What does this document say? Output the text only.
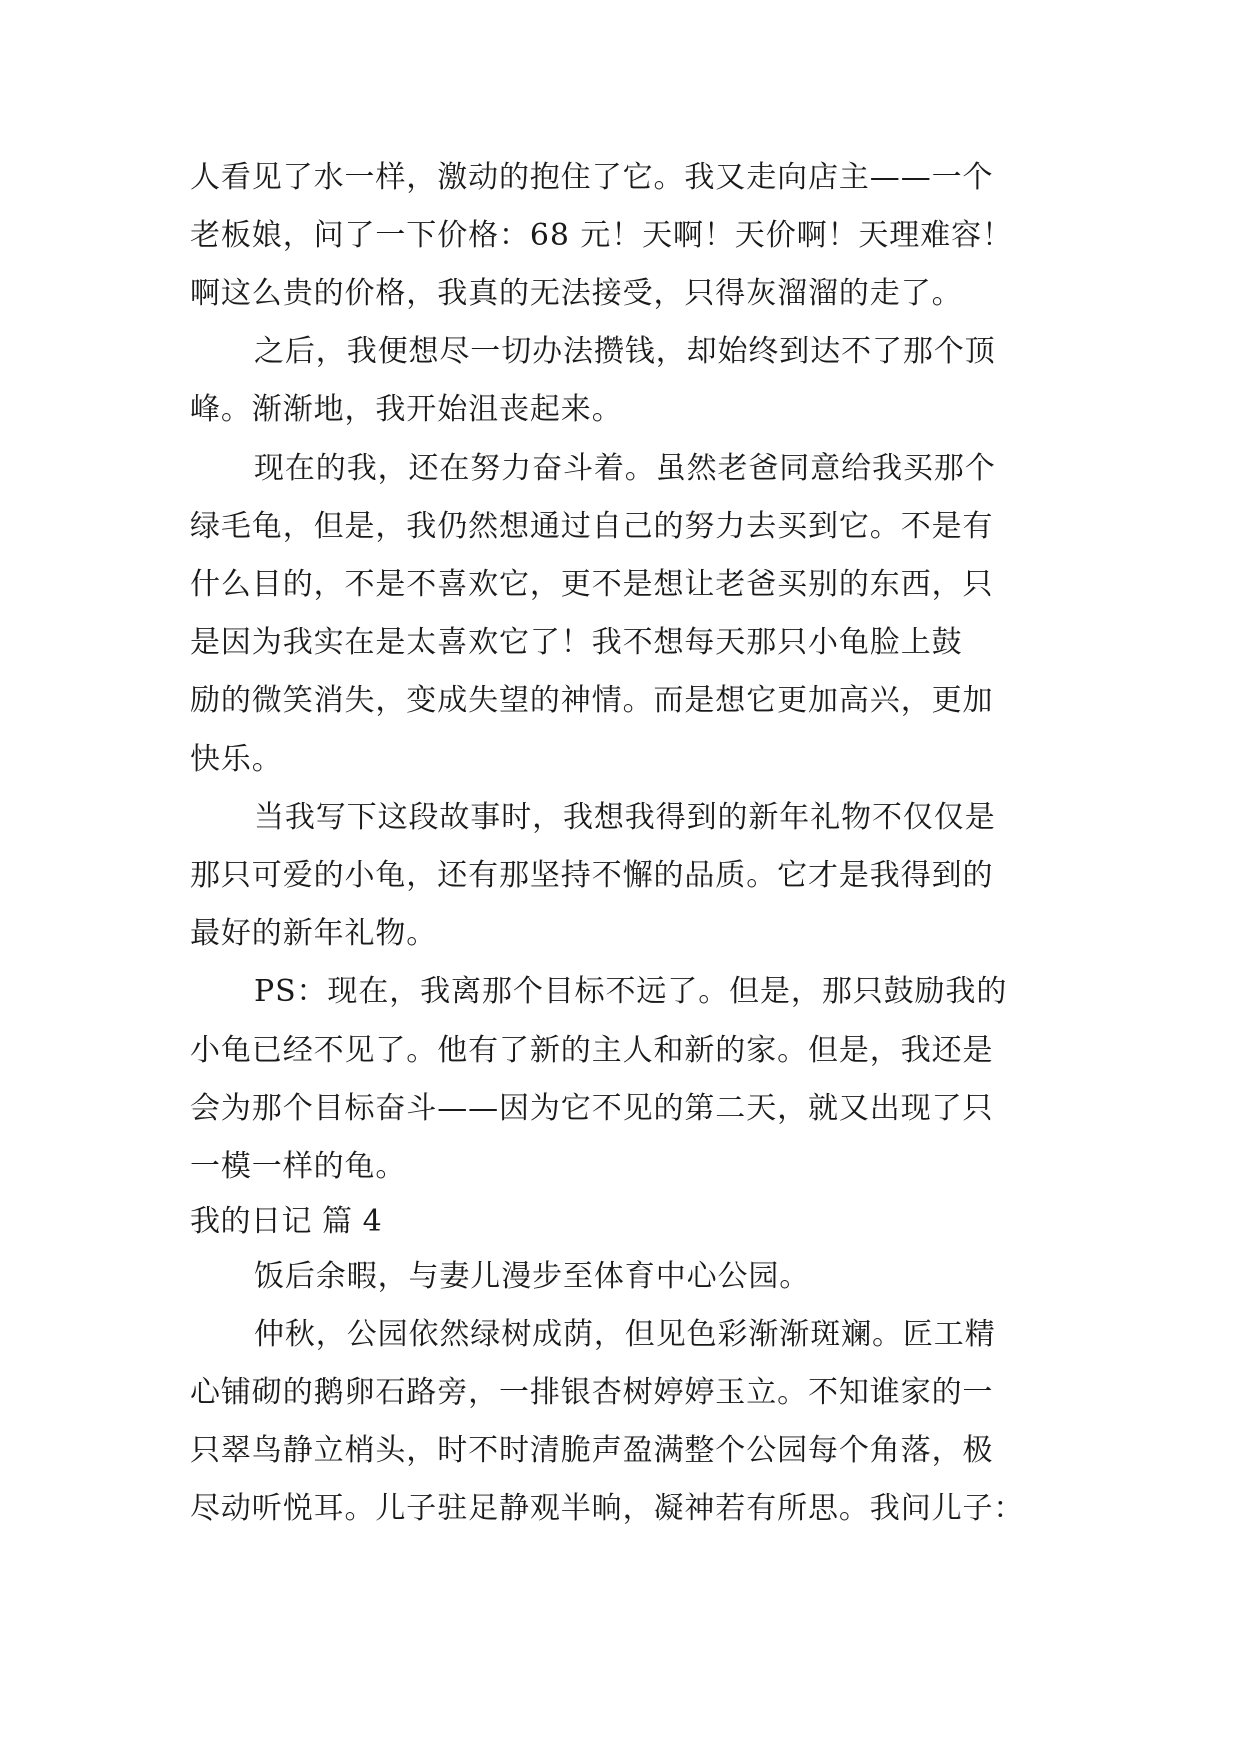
人看见了水一样，激动的抱住了它。我又走向店主——一个
老板娘，问了一下价格：68 元！天啊！天价啊！天理难容！
啊这么贵的价格，我真的无法接受，只得灰溜溜的走了。
之后，我便想尽一切办法攒钱，却始终到达不了那个顶
峰。渐渐地，我开始沮丧起来。
现在的我，还在努力奋斗着。虽然老爸同意给我买那个
绿毛龟，但是，我仍然想通过自己的努力去买到它。不是有
什么目的，不是不喜欢它，更不是想让老爸买别的东西，只
是因为我实在是太喜欢它了！我不想每天那只小龟脸上鼓
励的微笑消失，变成失望的神情。而是想它更加高兴，更加
快乐。
当我写下这段故事时，我想我得到的新年礼物不仅仅是
那只可爱的小龟，还有那坚持不懈的品质。它才是我得到的
最好的新年礼物。
PS：现在，我离那个目标不远了。但是，那只鼓励我的
小龟已经不见了。他有了新的主人和新的家。但是，我还是
会为那个目标奋斗——因为它不见的第二天，就又出现了只
一模一样的龟。
我的日记 篇 4
饭后余暇，与妻儿漫步至体育中心公园。
仲秋，公园依然绿树成荫，但见色彩渐渐斑斓。匠工精
心铺砌的鹅卵石路旁，一排银杏树婷婷玉立。不知谁家的一
只翠鸟静立梢头，时不时清脆声盈满整个公园每个角落，极
尽动听悦耳。儿子驻足静观半晌，凝神若有所思。我问儿子：
